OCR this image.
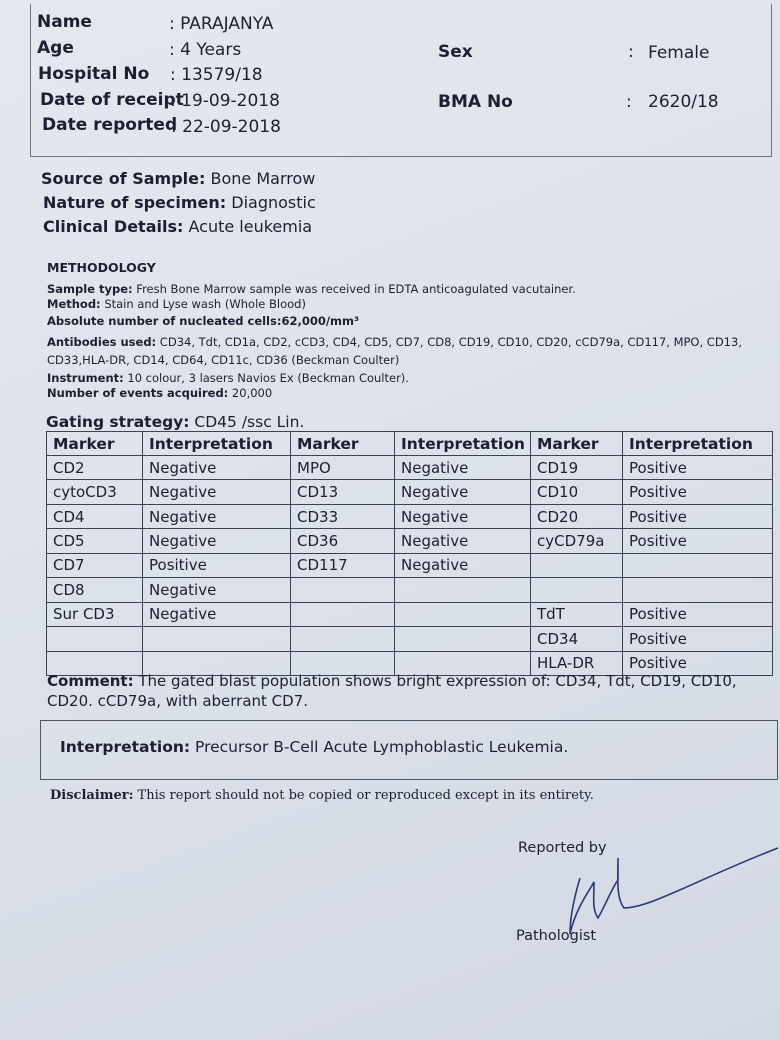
Name	: PARAJANYA
Age	: 4 Years
Hospital No : 13579/18
Date of receipt
: 19-09-2018
Date reported
: 22-09-2018
Sex	: Female
BMA No	: 2620/18
Source of Sample: Bone Marrow
Nature of specimen: Diagnostic
Clinical Details: Acute leukemia
METHODOLOGY
Sample type: Fresh Bone Marrow sample was received in EDTA anticoagulated vacutainer.
Method: Stain and Lyse wash (Whole Blood)
Absolute number of nucleated cells:62,000/mm³
Antibodies used: CD34, Tdt, CD1a, CD2, cCD3, CD4, CD5, CD7, CD8, CD19, CD10, CD20, cCD79a, CD117, MPO, CD13,
CD33,HLA-DR, CD14, CD64, CD11c, CD36 (Beckman Coulter)
Instrument: 10 colour, 3 lasers Navios Ex (Beckman Coulter).
Number of events acquired: 20,000
Gating strategy: CD45 /ssc Lin.
Marker	Interpretation	Marker	Interpretation	Marker	Interpretation
CD2	Negative	MPO	Negative	CD19	Positive
cytoCD3	Negative	CD13	Negative	CD10	Positive
CD4	Negative	CD33	Negative	CD20	Positive
CD5	Negative	CD36	Negative	cyCD79a	Positive
CD7	Positive	CD117	Negative		
CD8	Negative				
Sur CD3	Negative			TdT	Positive
				CD34	Positive
				HLA-DR	Positive
Comment: The gated blast population shows bright expression of: CD34, Tdt, CD19, CD10, CD20. cCD79a, with aberrant CD7.
Interpretation: Precursor B-Cell Acute Lymphoblastic Leukemia.
Disclaimer: This report should not be copied or reproduced except in its entirety.
Reported by
Pathologist
